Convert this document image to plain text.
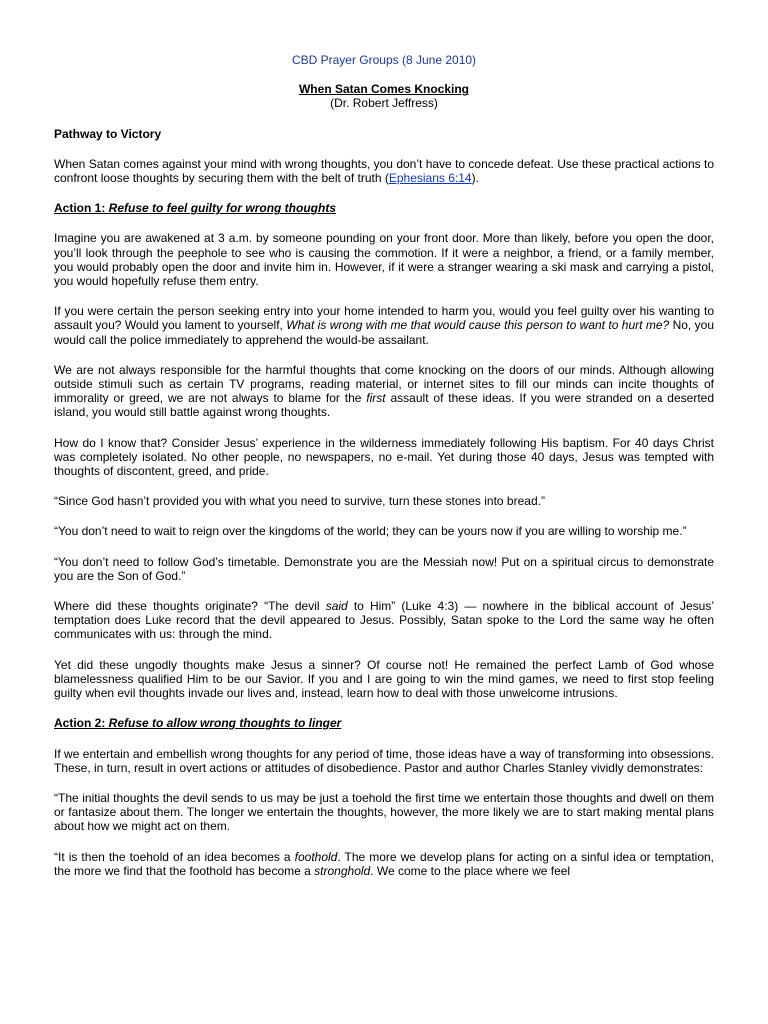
CBD Prayer Groups (8 June 2010)
When Satan Comes Knocking
(Dr. Robert Jeffress)
Pathway to Victory

When Satan comes against your mind with wrong thoughts, you don’t have to concede defeat. Use these practical actions to confront loose thoughts by securing them with the belt of truth (Ephesians 6:14).

Action 1: Refuse to feel guilty for wrong thoughts

Imagine you are awakened at 3 a.m. by someone pounding on your front door. More than likely, before you open the door, you’ll look through the peephole to see who is causing the commotion. If it were a neighbor, a friend, or a family member, you would probably open the door and invite him in. However, if it were a stranger wearing a ski mask and carrying a pistol, you would hopefully refuse them entry.

If you were certain the person seeking entry into your home intended to harm you, would you feel guilty over his wanting to assault you? Would you lament to yourself, What is wrong with me that would cause this person to want to hurt me? No, you would call the police immediately to apprehend the would-be assailant.

We are not always responsible for the harmful thoughts that come knocking on the doors of our minds. Although allowing outside stimuli such as certain TV programs, reading material, or internet sites to fill our minds can incite thoughts of immorality or greed, we are not always to blame for the first assault of these ideas. If you were stranded on a deserted island, you would still battle against wrong thoughts.

How do I know that? Consider Jesus’ experience in the wilderness immediately following His baptism. For 40 days Christ was completely isolated. No other people, no newspapers, no e-mail. Yet during those 40 days, Jesus was tempted with thoughts of discontent, greed, and pride.

“Since God hasn’t provided you with what you need to survive, turn these stones into bread.”

“You don’t need to wait to reign over the kingdoms of the world; they can be yours now if you are willing to worship me.”

“You don’t need to follow God’s timetable. Demonstrate you are the Messiah now! Put on a spiritual circus to demonstrate you are the Son of God.”

Where did these thoughts originate? “The devil said to Him” (Luke 4:3) — nowhere in the biblical account of Jesus’ temptation does Luke record that the devil appeared to Jesus. Possibly, Satan spoke to the Lord the same way he often communicates with us: through the mind.

Yet did these ungodly thoughts make Jesus a sinner? Of course not! He remained the perfect Lamb of God whose blamelessness qualified Him to be our Savior. If you and I are going to win the mind games, we need to first stop feeling guilty when evil thoughts invade our lives and, instead, learn how to deal with those unwelcome intrusions.

Action 2: Refuse to allow wrong thoughts to linger

If we entertain and embellish wrong thoughts for any period of time, those ideas have a way of transforming into obsessions. These, in turn, result in overt actions or attitudes of disobedience. Pastor and author Charles Stanley vividly demonstrates:

“The initial thoughts the devil sends to us may be just a toehold the first time we entertain those thoughts and dwell on them or fantasize about them. The longer we entertain the thoughts, however, the more likely we are to start making mental plans about how we might act on them.

“It is then the toehold of an idea becomes a foothold. The more we develop plans for acting on a sinful idea or temptation, the more we find that the foothold has become a stronghold. We come to the place where we feel
